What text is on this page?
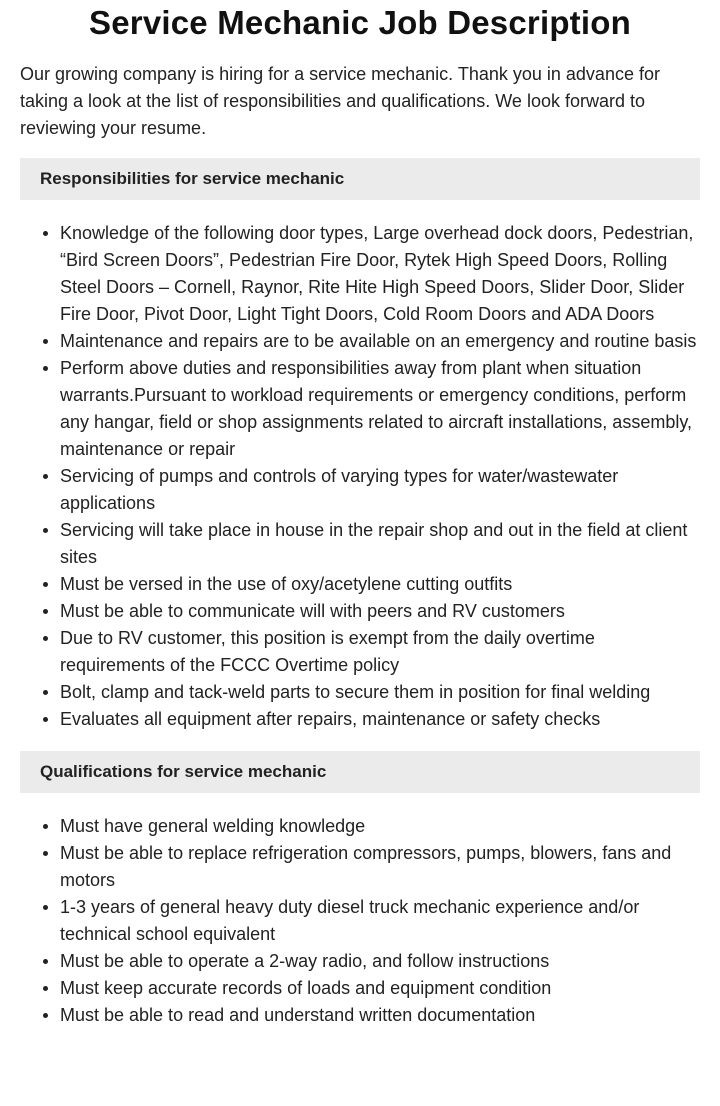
Service Mechanic Job Description

Our growing company is hiring for a service mechanic. Thank you in advance for taking a look at the list of responsibilities and qualifications. We look forward to reviewing your resume.

Responsibilities for service mechanic
Knowledge of the following door types, Large overhead dock doors, Pedestrian, “Bird Screen Doors”, Pedestrian Fire Door, Rytek High Speed Doors, Rolling Steel Doors – Cornell, Raynor, Rite Hite High Speed Doors, Slider Door, Slider Fire Door, Pivot Door, Light Tight Doors, Cold Room Doors and ADA Doors
Maintenance and repairs are to be available on an emergency and routine basis
Perform above duties and responsibilities away from plant when situation warrants.Pursuant to workload requirements or emergency conditions, perform any hangar, field or shop assignments related to aircraft installations, assembly, maintenance or repair
Servicing of pumps and controls of varying types for water/wastewater applications
Servicing will take place in house in the repair shop and out in the field at client sites
Must be versed in the use of oxy/acetylene cutting outfits
Must be able to communicate will with peers and RV customers
Due to RV customer, this position is exempt from the daily overtime requirements of the FCCC Overtime policy
Bolt, clamp and tack-weld parts to secure them in position for final welding
Evaluates all equipment after repairs, maintenance or safety checks
Qualifications for service mechanic
Must have general welding knowledge
Must be able to replace refrigeration compressors, pumps, blowers, fans and motors
1-3 years of general heavy duty diesel truck mechanic experience and/or technical school equivalent
Must be able to operate a 2-way radio, and follow instructions
Must keep accurate records of loads and equipment condition
Must be able to read and understand written documentation
